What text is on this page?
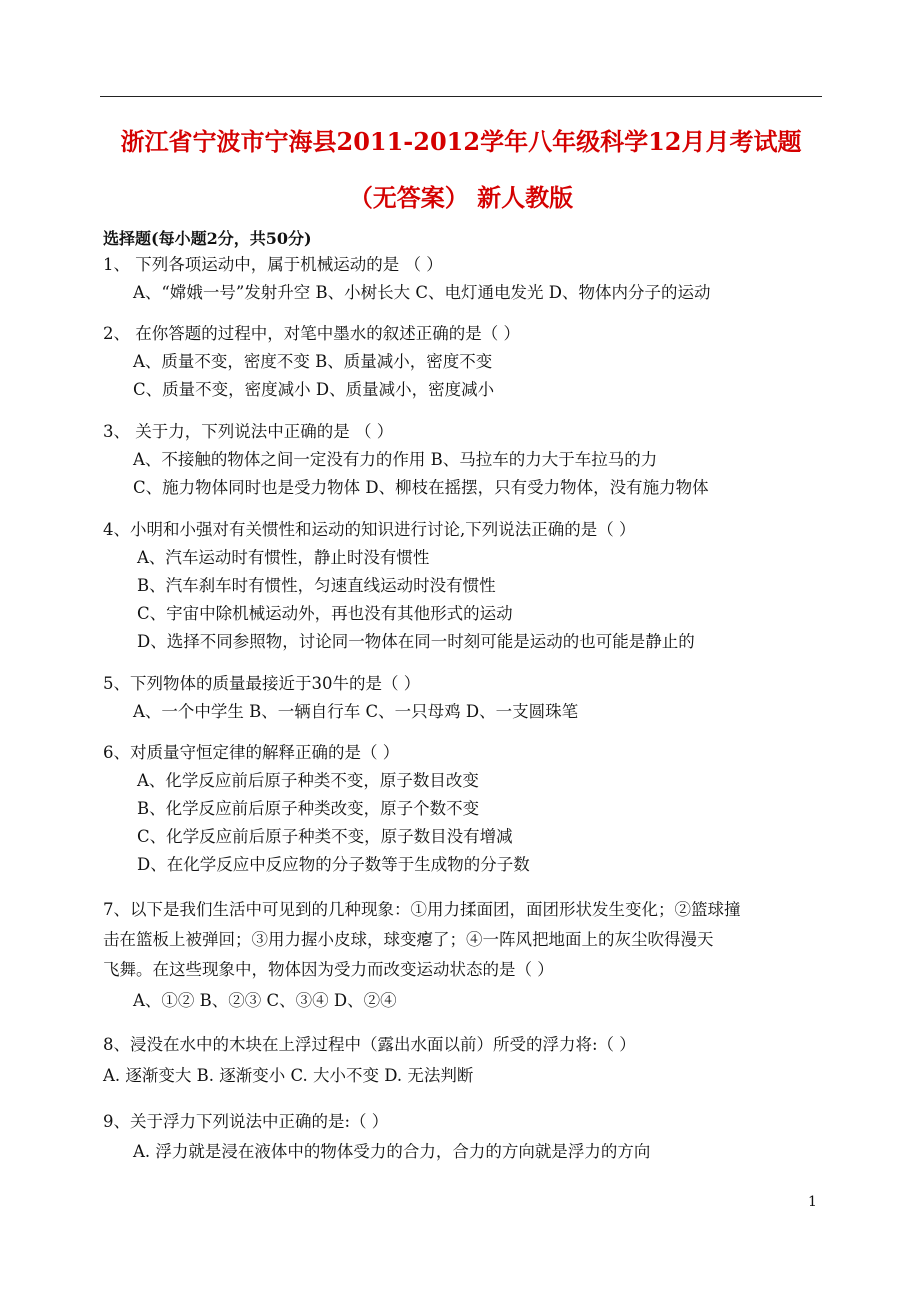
浙江省宁波市宁海县2011-2012学年八年级科学12月月考试题
（无答案） 新人教版
选择题(每小题2分，共50分)
1、 下列各项运动中，属于机械运动的是 （ ）
A、“嫦娥一号”发射升空 B、小树长大 C、电灯通电发光 D、物体内分子的运动
2、 在你答题的过程中，对笔中墨水的叙述正确的是（ ）
A、质量不变，密度不变 B、质量减小，密度不变
C、质量不变，密度减小 D、质量减小，密度减小
3、 关于力，下列说法中正确的是 （ ）
A、不接触的物体之间一定没有力的作用 B、马拉车的力大于车拉马的力
C、施力物体同时也是受力物体 D、柳枝在摇摆，只有受力物体，没有施力物体
4、小明和小强对有关惯性和运动的知识进行讨论,下列说法正确的是（ ）
A、汽车运动时有惯性，静止时没有惯性
B、汽车刹车时有惯性，匀速直线运动时没有惯性
C、宇宙中除机械运动外，再也没有其他形式的运动
D、选择不同参照物，讨论同一物体在同一时刻可能是运动的也可能是静止的
5、下列物体的质量最接近于30牛的是（ ）
A、一个中学生 B、一辆自行车 C、一只母鸡 D、一支圆珠笔
6、对质量守恒定律的解释正确的是（ ）
A、化学反应前后原子种类不变，原子数目改变
B、化学反应前后原子种类改变，原子个数不变
C、化学反应前后原子种类不变，原子数目没有增减
D、在化学反应中反应物的分子数等于生成物的分子数
7、以下是我们生活中可见到的几种现象：①用力揉面团，面团形状发生变化；②篮球撞
击在篮板上被弹回；③用力握小皮球，球变瘪了；④一阵风把地面上的灰尘吹得漫天
飞舞。在这些现象中，物体因为受力而改变运动状态的是（ ）
A、①② B、②③ C、③④ D、②④
8、浸没在水中的木块在上浮过程中（露出水面以前）所受的浮力将:（ ）
A. 逐渐变大 B. 逐渐变小 C. 大小不变 D. 无法判断
9、关于浮力下列说法中正确的是:（ ）
A. 浮力就是浸在液体中的物体受力的合力，合力的方向就是浮力的方向
1
